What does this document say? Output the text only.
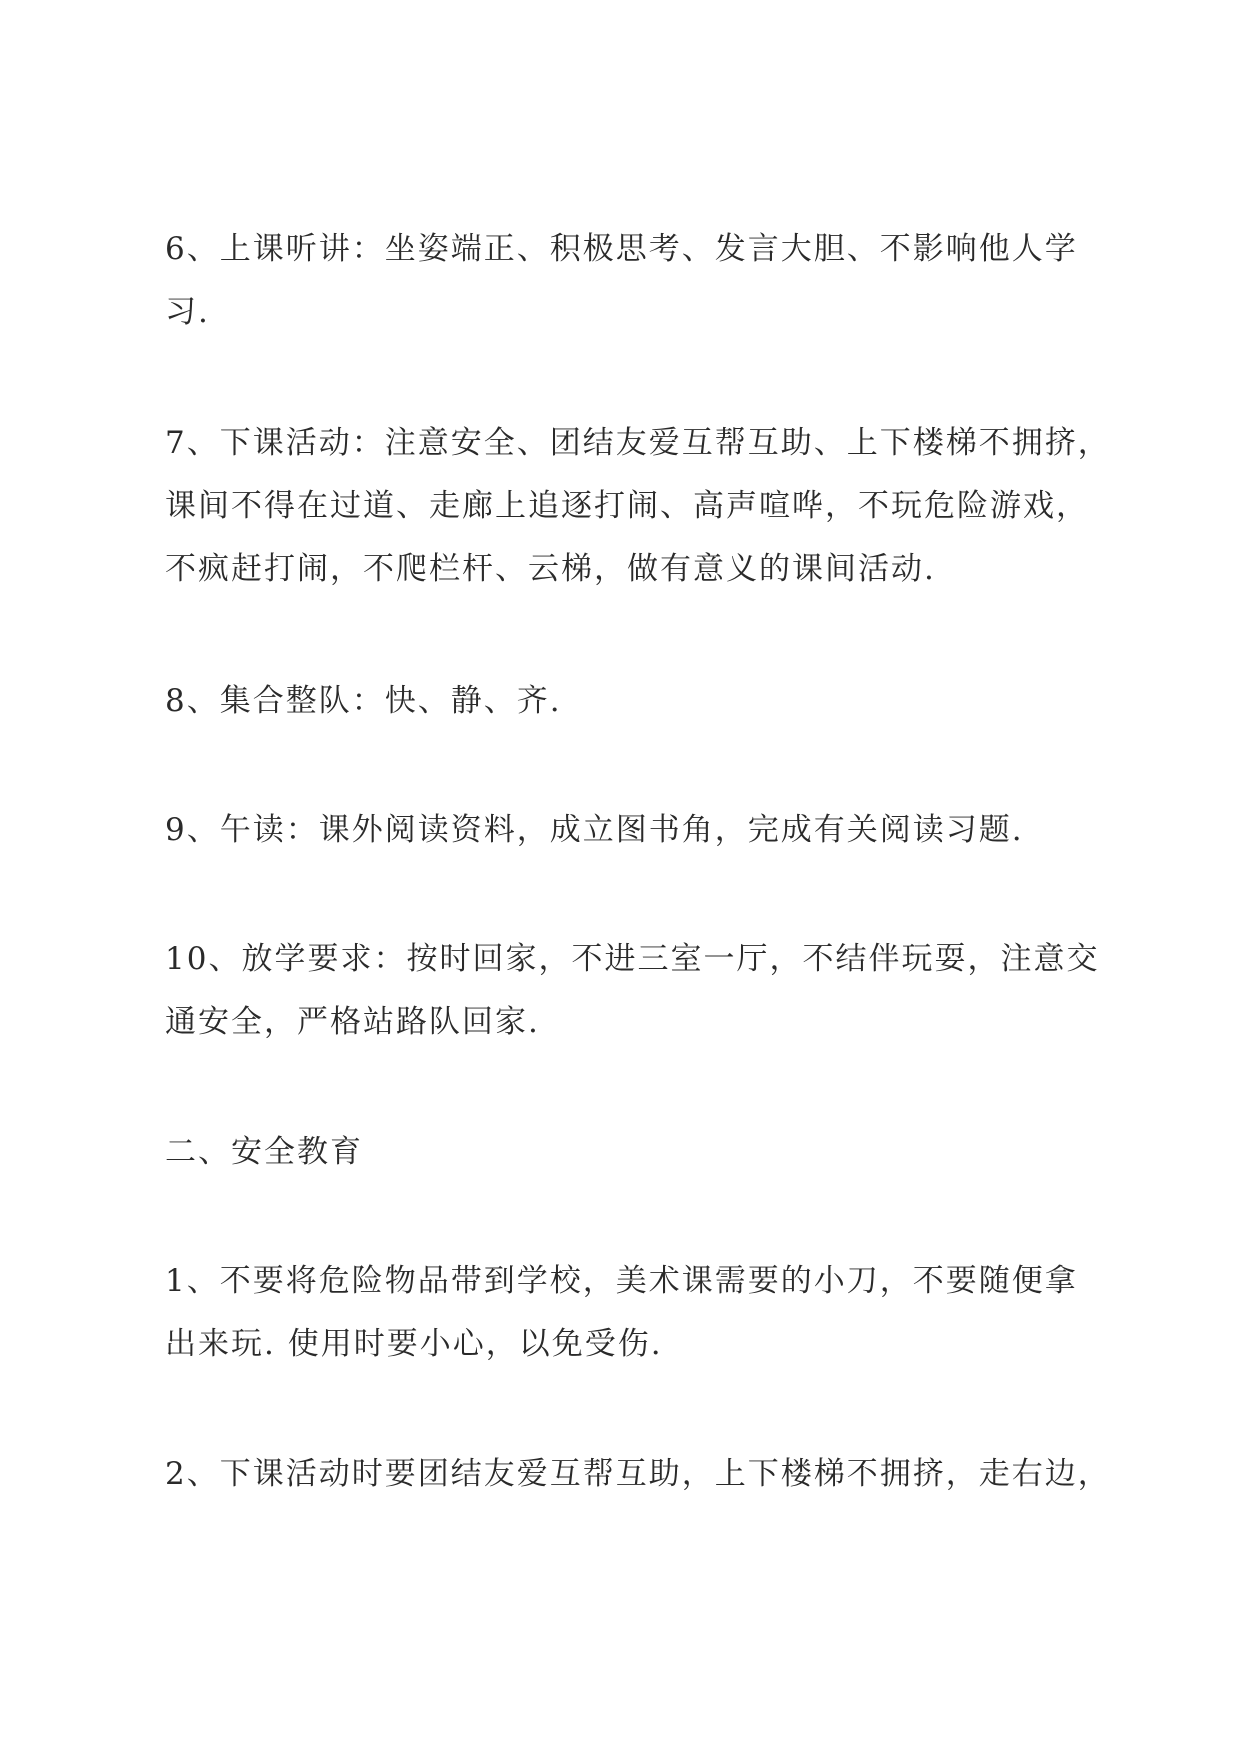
6、上课听讲：坐姿端正、积极思考、发言大胆、不影响他人学
习.

7、下课活动：注意安全、团结友爱互帮互助、上下楼梯不拥挤，
课间不得在过道、走廊上追逐打闹、高声喧哗，不玩危险游戏，
不疯赶打闹，不爬栏杆、云梯，做有意义的课间活动.

8、集合整队：快、静、齐.

9、午读：课外阅读资料，成立图书角，完成有关阅读习题.

10、放学要求：按时回家，不进三室一厅，不结伴玩耍，注意交
通安全，严格站路队回家.

二、安全教育

1、不要将危险物品带到学校，美术课需要的小刀，不要随便拿
出来玩. 使用时要小心，以免受伤.

2、下课活动时要团结友爱互帮互助，上下楼梯不拥挤，走右边，
